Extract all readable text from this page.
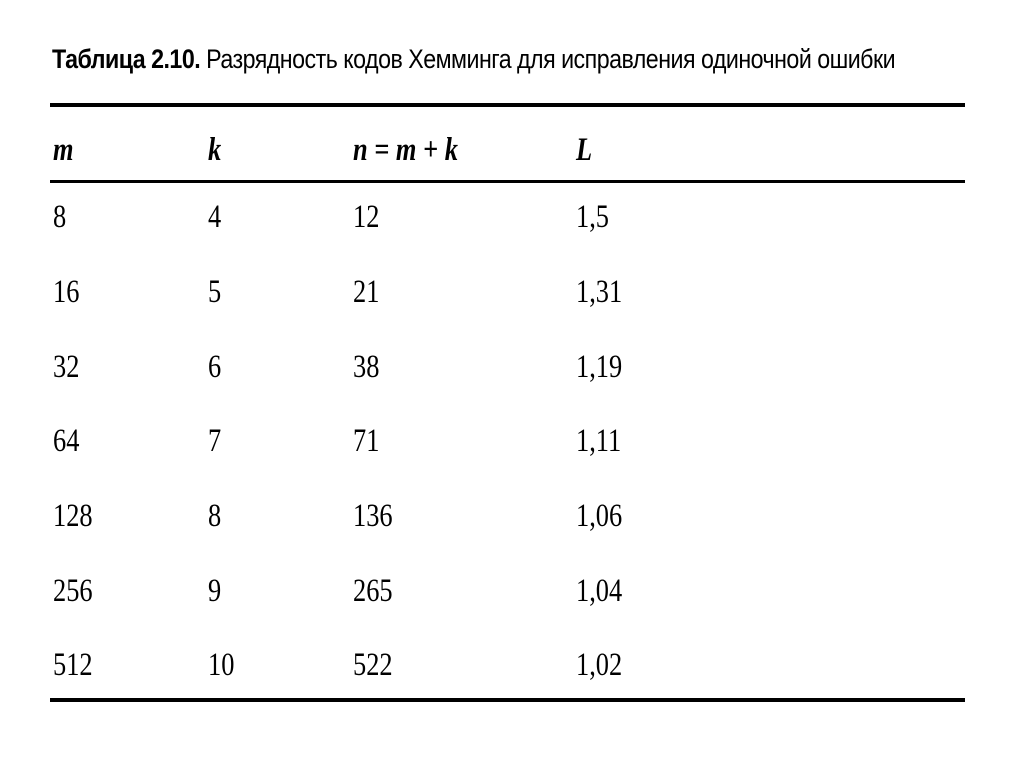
Таблица 2.10. Разрядность кодов Хемминга для исправления одиночной ошибки
m	k	n = m + k	L
8	4	12	1,5
16	5	21	1,31
32	6	38	1,19
64	7	71	1,11
128	8	136	1,06
256	9	265	1,04
512	10	522	1,02
